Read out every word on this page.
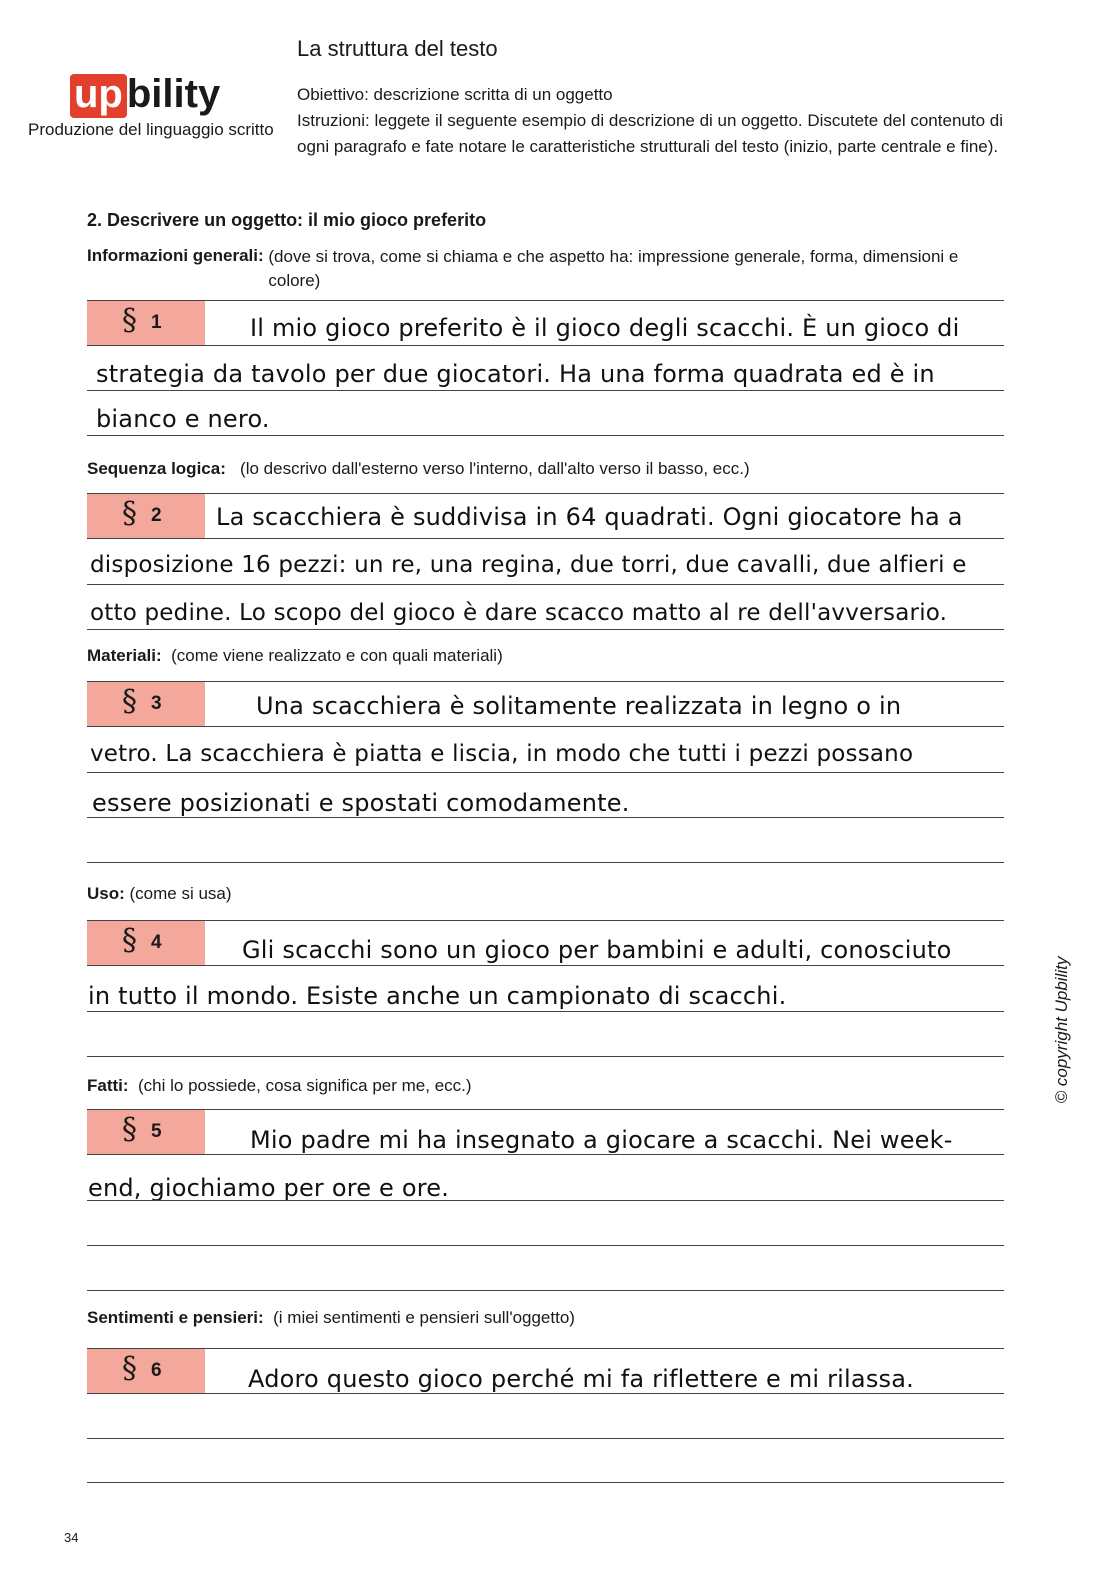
up bility
Produzione del linguaggio scritto
La struttura del testo

Obiettivo: descrizione scritta di un oggetto

Istruzioni: leggete il seguente esempio di descrizione di un oggetto. Discutete del contenuto di ogni paragrafo e fate notare le caratteristiche strutturali del testo (inizio, parte centrale e fine).

2. Descrivere un oggetto: il mio gioco preferito
Informazioni generali: (dove si trova, come si chiama e che aspetto ha: impressione generale, forma, dimensioni e colore)
§ 1	Il mio gioco preferito è il gioco degli scacchi. È un gioco di
strategia da tavolo per due giocatori. Ha una forma quadrata ed è in
bianco e nero.
Sequenza logica: (lo descrivo dall'esterno verso l'interno, dall'alto verso il basso, ecc.)
§ 2 La scacchiera è suddivisa in 64 quadrati. Ogni giocatore ha a
disposizione 16 pezzi: un re, una regina, due torri, due cavalli, due alfieri e
otto pedine. Lo scopo del gioco è dare scacco matto al re dell'avversario.
Materiali: (come viene realizzato e con quali materiali)
§ 3	Una scacchiera è solitamente realizzata in legno o in
vetro. La scacchiera è piatta e liscia, in modo che tutti i pezzi possano
essere posizionati e spostati comodamente.
Uso: (come si usa)
§ 4	Gli scacchi sono un gioco per bambini e adulti, conosciuto
in tutto il mondo. Esiste anche un campionato di scacchi.
Fatti: (chi lo possiede, cosa significa per me, ecc.)
§ 5	Mio padre mi ha insegnato a giocare a scacchi. Nei week-
end, giochiamo per ore e ore.
Sentimenti e pensieri: (i miei sentimenti e pensieri sull'oggetto)
§ 6	Adoro questo gioco perché mi fa riflettere e mi rilassa.
© copyright Upbility
34
